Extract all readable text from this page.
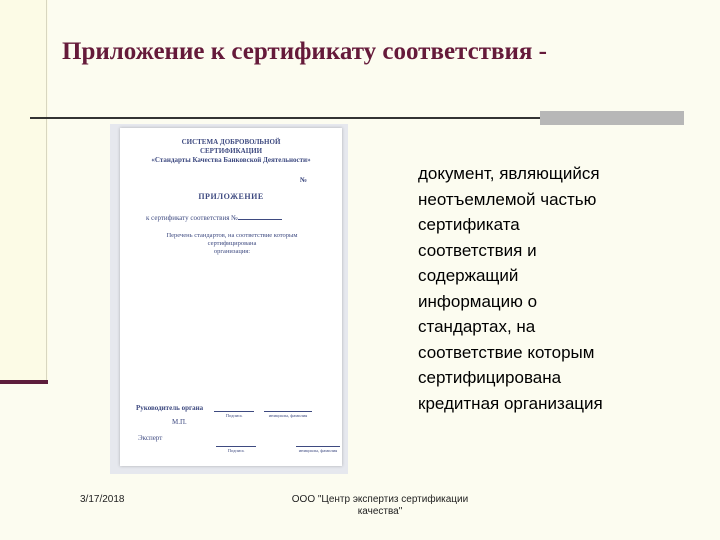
Приложение к сертификату соответствия -
СИСТЕМА ДОБРОВОЛЬНОЙ
СЕРТИФИКАЦИИ
«Стандарты Качества Банковской Деятельности»
№
ПРИЛОЖЕНИЕ
к сертификату соответствия №
Перечень стандартов, на соответствие которым
сертифицирована
организация:
Руководитель органа
Подпись	инициалы, фамилия
М.П.
Эксперт
Подпись	инициалы, фамилия
документ, являющийся
неотъемлемой частью
сертификата
соответствия и
содержащий
информацию о
стандартах, на
соответствие которым
сертифицирована
кредитная организация
3/17/2018	ООО "Центр экспертиз сертификации
качества"
